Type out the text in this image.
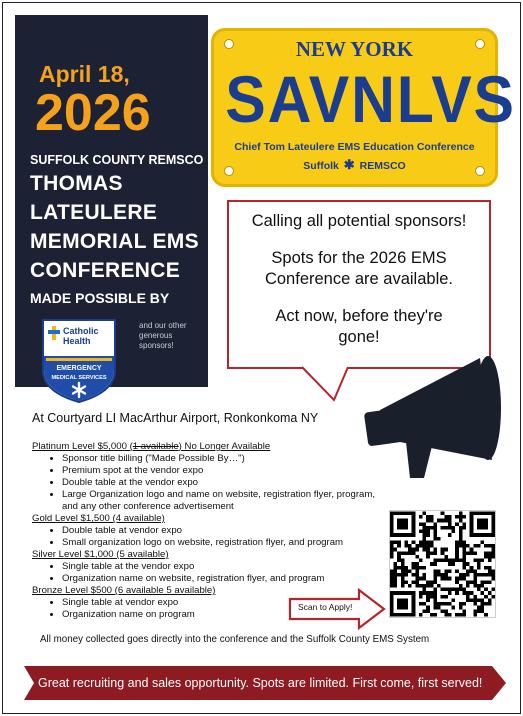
April 18,
2026
SUFFOLK COUNTY REMSCO
THOMAS
LATEULERE
MEMORIAL EMS
CONFERENCE
MADE POSSIBLE BY
and our other generous sponsors!
Catholic
Health
EMERGENCY
MEDICAL SERVICES
NEW YORK
SAVNLVS
Chief Tom Lateulere EMS Education Conference
Suffolk ✱ REMSCO

Calling all potential sponsors!

Spots for the 2026 EMS

Conference are available.

Act now, before they're

gone!

At Courtyard LI MacArthur Airport, Ronkonkoma NY
Platinum Level $5,000 (1 available) No Longer Available
• Sponsor title billing ("Made Possible By…")
• Premium spot at the vendor expo
• Double table at the vendor expo
• Large Organization logo and name on website, registration flyer, program, and any other conference advertisement
Gold Level $1,500 (4 available)
• Double table at vendor expo
• Small organization logo on website, registration flyer, and program
Silver Level $1,000 (5 available)
• Single table at the vendor expo
• Organization name on website, registration flyer, and program
Bronze Level $500 (6 available 5 available)
• Single table at vendor expo
• Organization name on program
Scan to Apply!
All money collected goes directly into the conference and the Suffolk County EMS System
Great recruiting and sales opportunity. Spots are limited. First come, first served!
